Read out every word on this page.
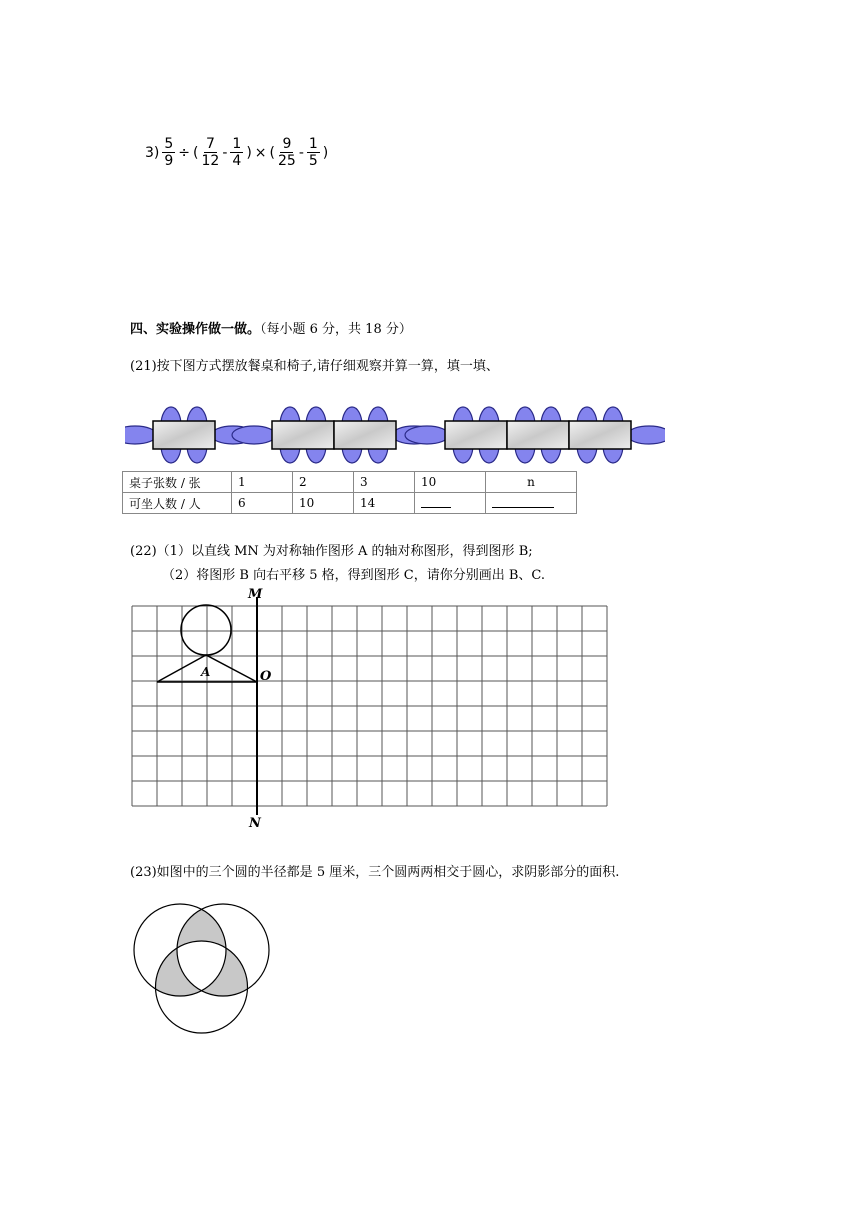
$3) \frac{5}{9}$ ÷ ( $\frac{7}{12} - \frac{1}{4}$ ) × ( $\frac{9}{25} - \frac{1}{5}$ )
四、实验操作做一做。（每小题 6 分，共 18 分）
(21)按下图方式摆放餐桌和椅子,请仔细观察并算一算，填一填、
桌子张数 / 张	1	2	3	10	n
可坐人数 / 人	6	10	14		
(22)（1）以直线 MN 为对称轴作图形 A 的轴对称图形，得到图形 B;
（2）将图形 B 向右平移 5 格，得到图形 C，请你分别画出 B、C.
M
N
O
A
(23)如图中的三个圆的半径都是 5 厘米，三个圆两两相交于圆心，求阴影部分的面积.
